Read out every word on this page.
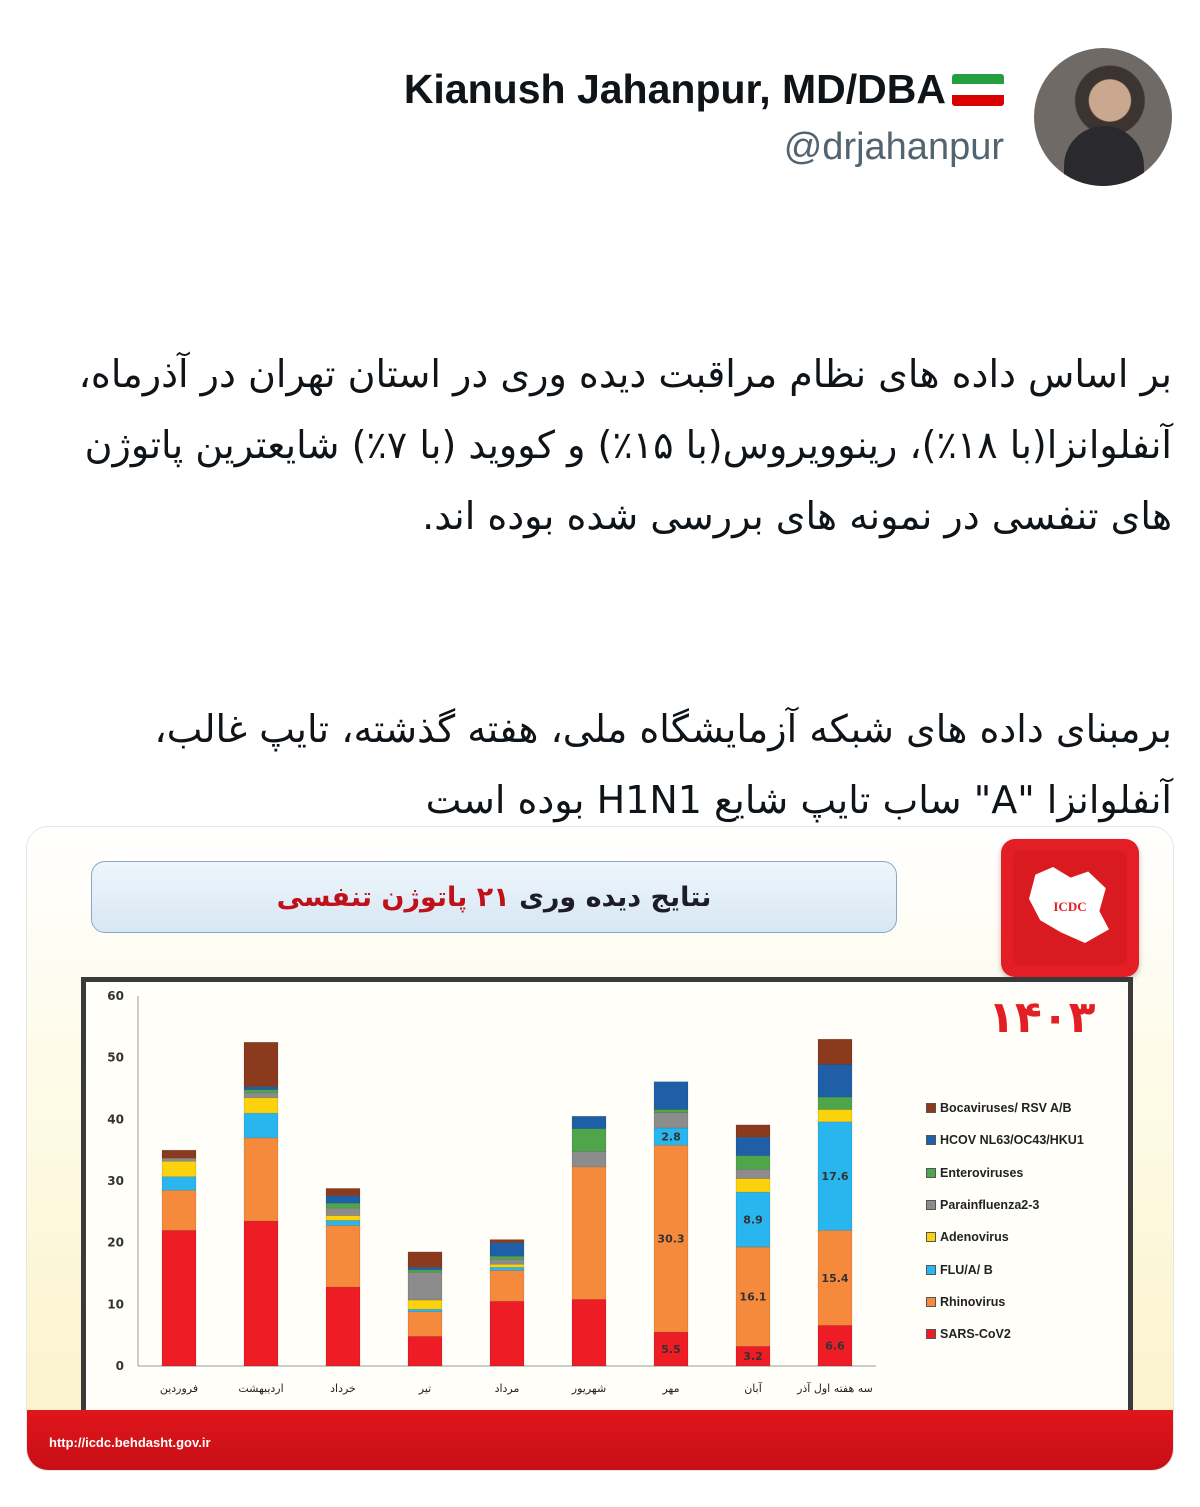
Kianush Jahanpur, MD/DBA
@drjahanpur

بر اساس داده های نظام مراقبت دیده وری در استان تهران در آذرماه، آنفلوانزا(با ۱۸٪)، رینوویروس(با ۱۵٪) و کووید (با ۷٪) شایعترین پاتوژن های تنفسی در نمونه های بررسی شده بوده اند.

برمبنای داده های شبکه آزمایشگاه ملی، هفته گذشته، تایپ غالب، آنفلوانزا "A" ساب تایپ شایع H1N1 بوده است

نتایج دیده وری

۲۱ پاتوژن تنفسی	ICDC
0
10
20
30
40
50
60
فروردین	اردیبهشت	خرداد	تیر	مرداد	شهریور
5.5
30.3
2.8
مهر
3.2
16.1
8.9
آبان
6.6
15.4
17.6
سه هفته اول آذر
۱۴۰۳
Bocaviruses/ RSV A/B
HCOV NL63/OC43/HKU1
Enteroviruses
Parainfluenza2-3
Adenovirus
FLU/A/ B
Rhinovirus
SARS-CoV2
http://icdc.behdasht.gov.ir
